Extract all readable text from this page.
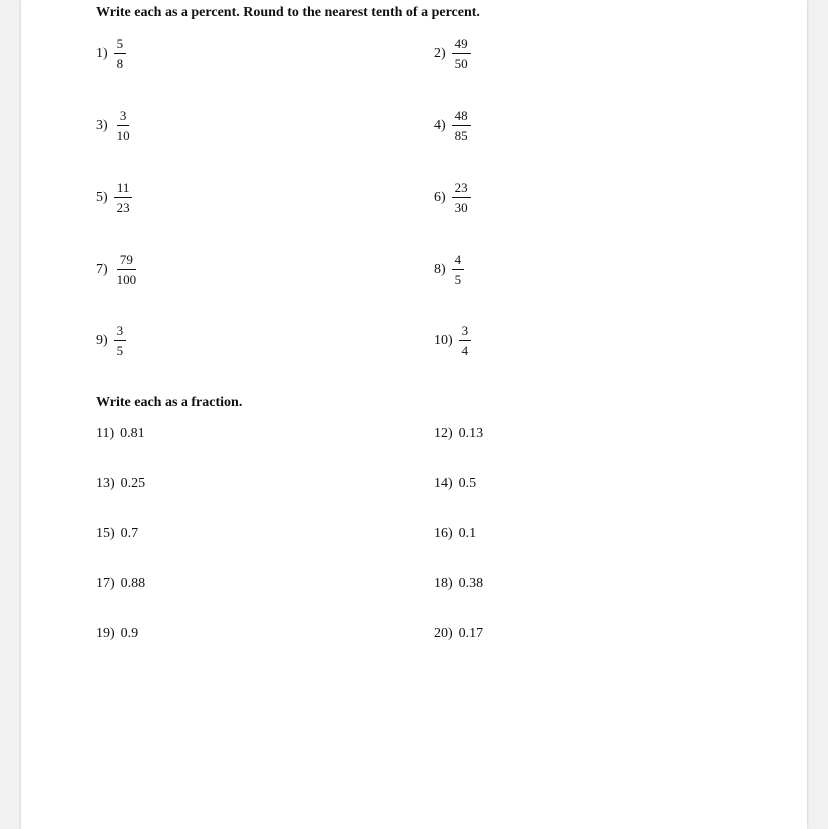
Write each as a percent. Round to the nearest tenth of a percent.
$1) \frac{5}{8}$	$2) \frac{49}{50}$
$3) \frac{3}{10}$	$4) \frac{48}{85}$
$5) \frac{11}{23}$	$6) \frac{23}{30}$
$7) \frac{79}{100}$	$8) \frac{4}{5}$
$9) \frac{3}{5}$	$10) \frac{3}{4}$
Write each as a fraction.
11) 0.81	12) 0.13
13) 0.25	14) 0.5
15) 0.7	16) 0.1
17) 0.88	18) 0.38
19) 0.9	20) 0.17
